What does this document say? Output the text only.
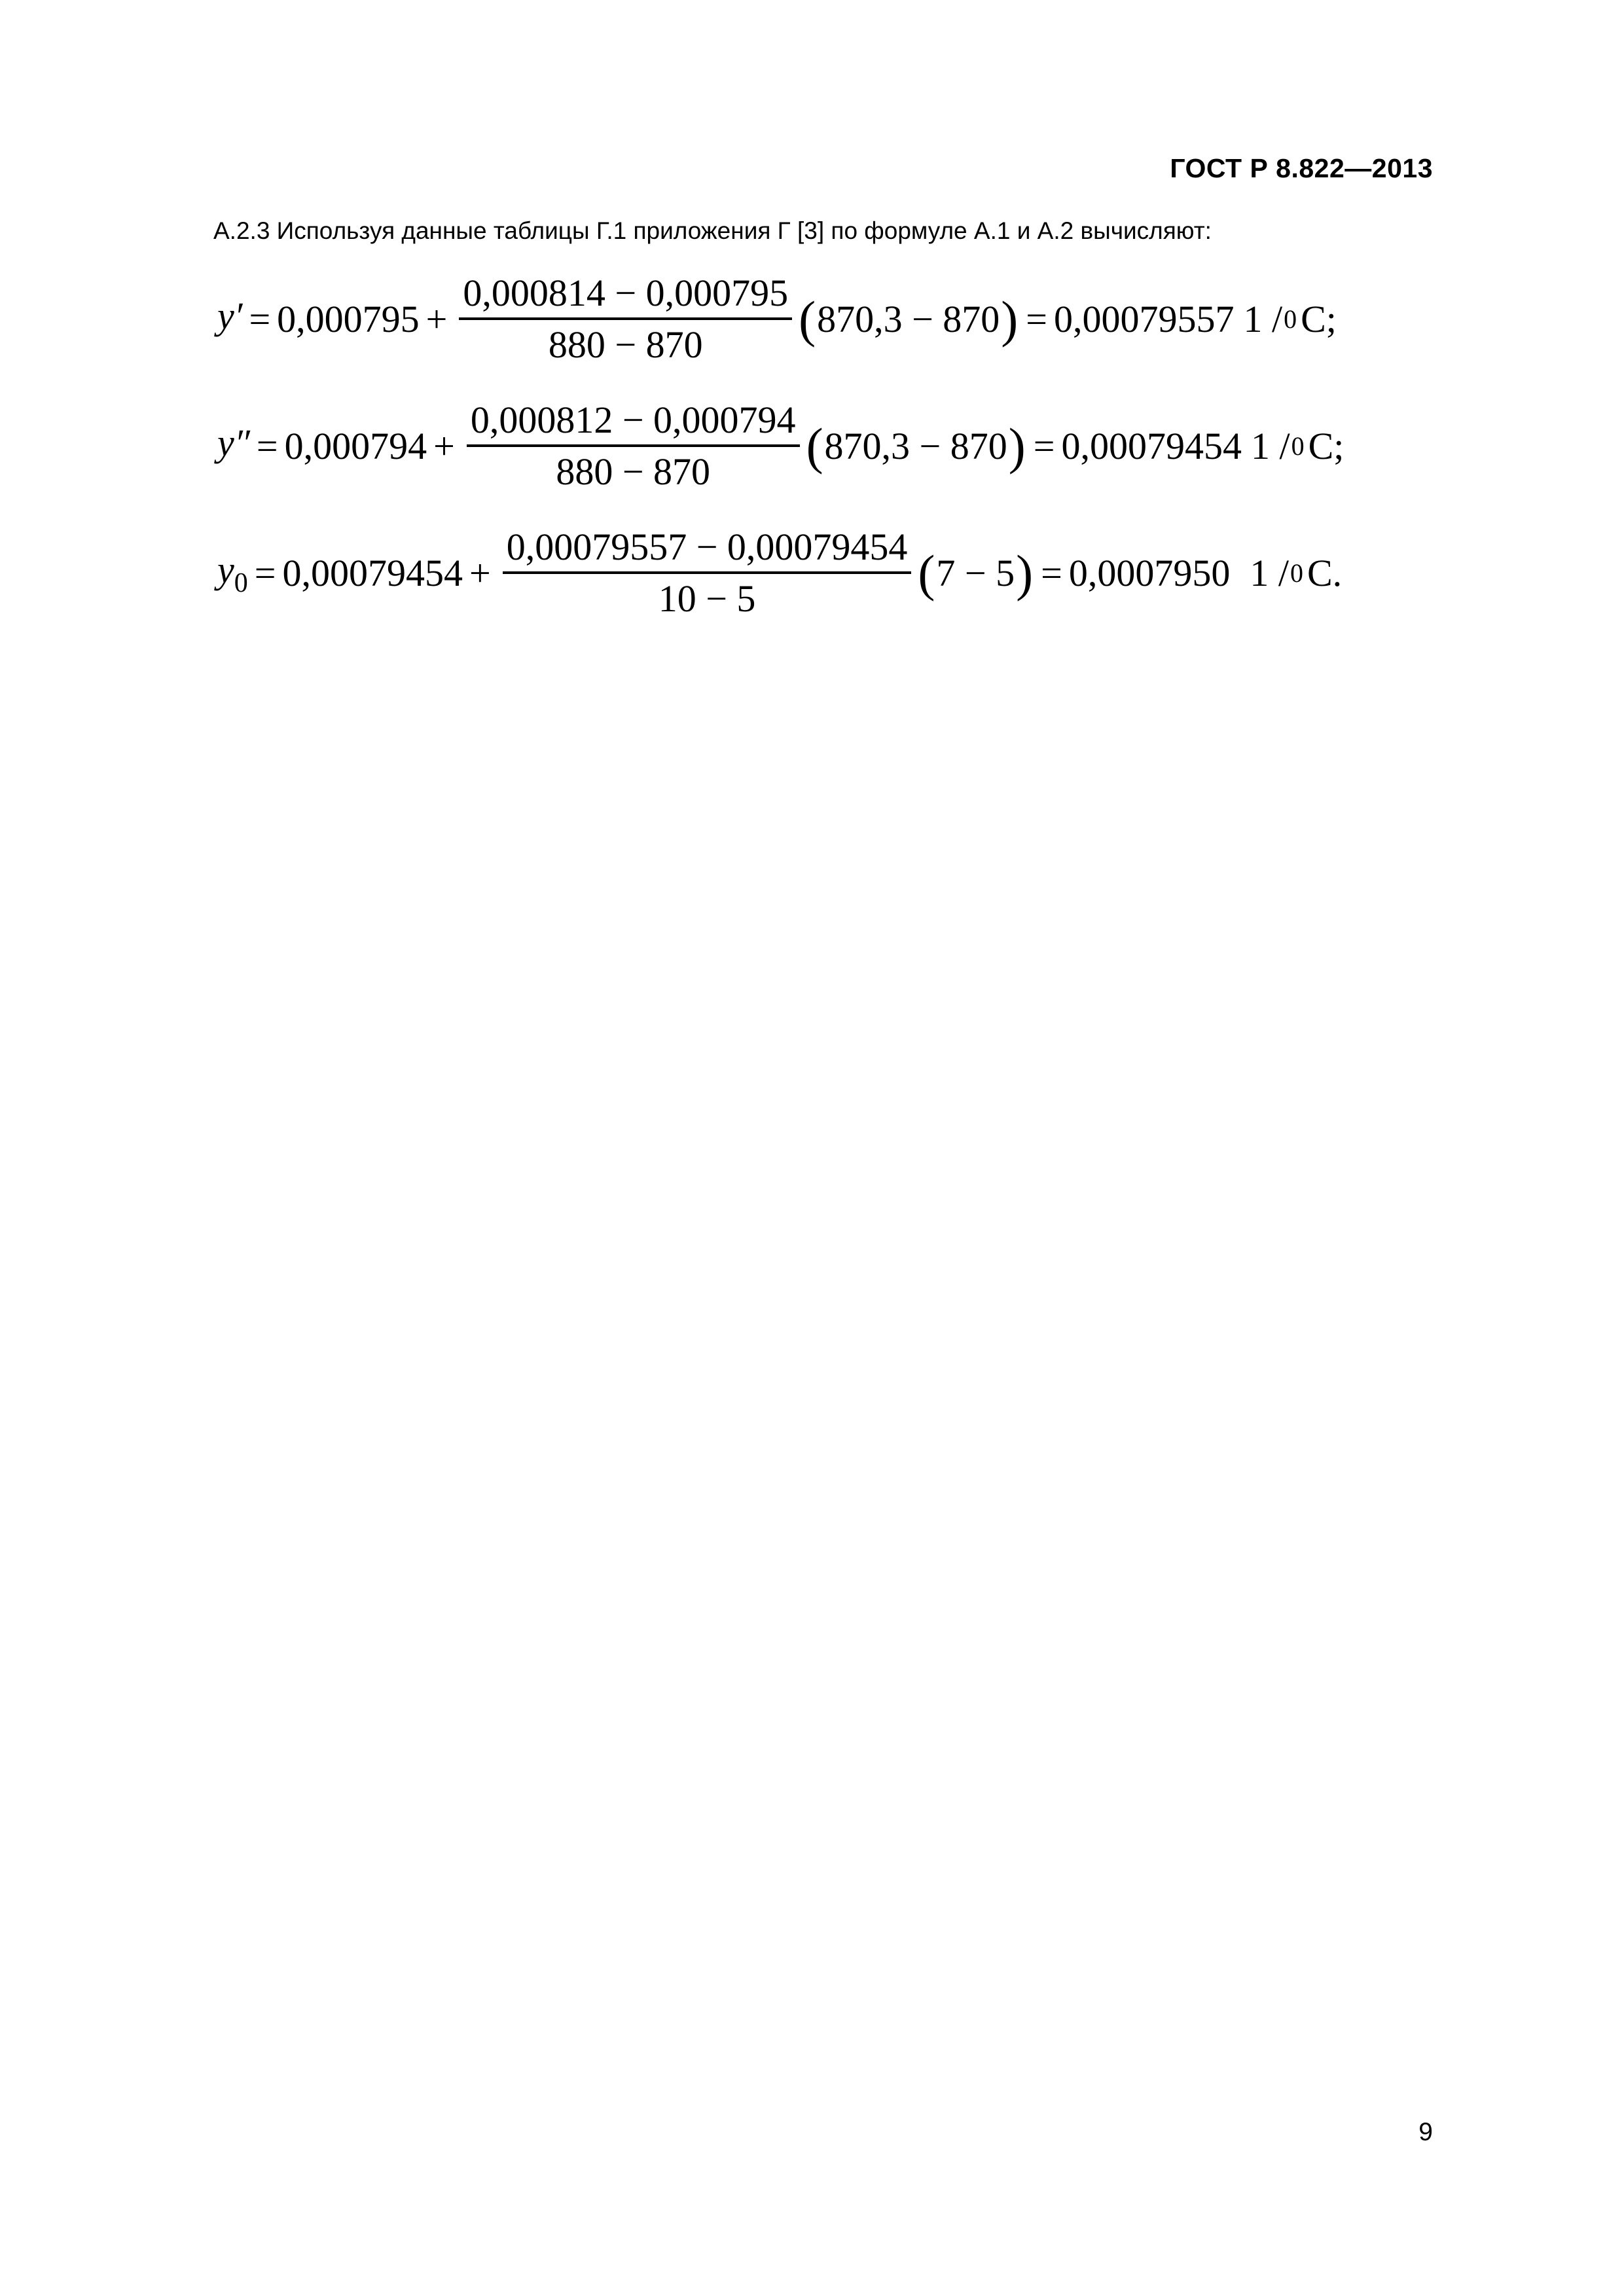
ГОСТ Р 8.822—2013
А.2.3 Используя данные таблицы Г.1 приложения Г [3] по формуле А.1 и А.2 вычисляют:
$y' = 0,000795 + \frac{0,000814 - 0,000795}{880 - 870}$ ( 870,3 − 870 ) = 0,00079557 1 / 0 С;
$y'' = 0,000794 + \frac{0,000812 - 0,000794}{880 - 870}$ ( 870,3 − 870 ) = 0,00079454 1 / 0 С;
$y_0 = 0,00079454 + \frac{0,00079557 - 0,00079454}{10 - 5}$ ( 7 − 5 ) = 0,0007950 1 / 0 С.
9
